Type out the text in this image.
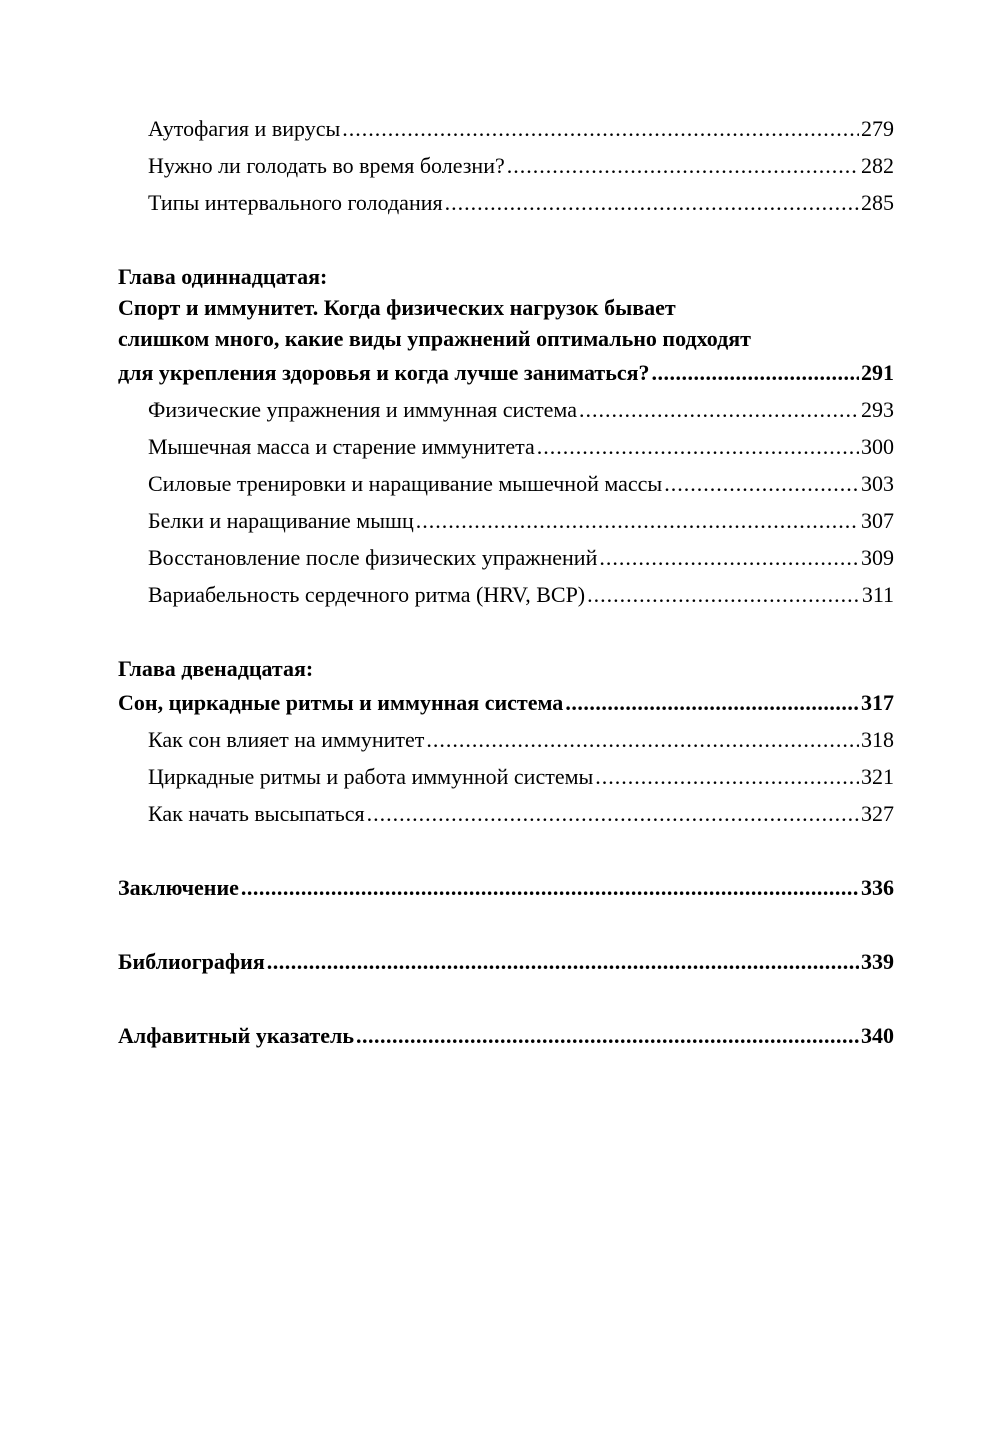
Аутофагия и вирусы .....	279
Нужно ли голодать во время болезни? .....	282
Типы интервального голодания .....	285
Глава одиннадцатая:
Спорт и иммунитет. Когда физических нагрузок бывает
слишком много, какие виды упражнений оптимально подходят
для укрепления здоровья и когда лучше заниматься? .....	291
Физические упражнения и иммунная система .....	293
Мышечная масса и старение иммунитета .....	300
Силовые тренировки и наращивание мышечной массы .....	303
Белки и наращивание мышц .....	307
Восстановление после физических упражнений .....	309
Вариабельность сердечного ритма (HRV, ВСР) .....	311
Глава двенадцатая:
Сон, циркадные ритмы и иммунная система .....	317
Как сон влияет на иммунитет .....	318
Циркадные ритмы и работа иммунной системы .....	321
Как начать высыпаться .....	327
Заключение .....	336
Библиография .....	339
Алфавитный указатель .....	340
